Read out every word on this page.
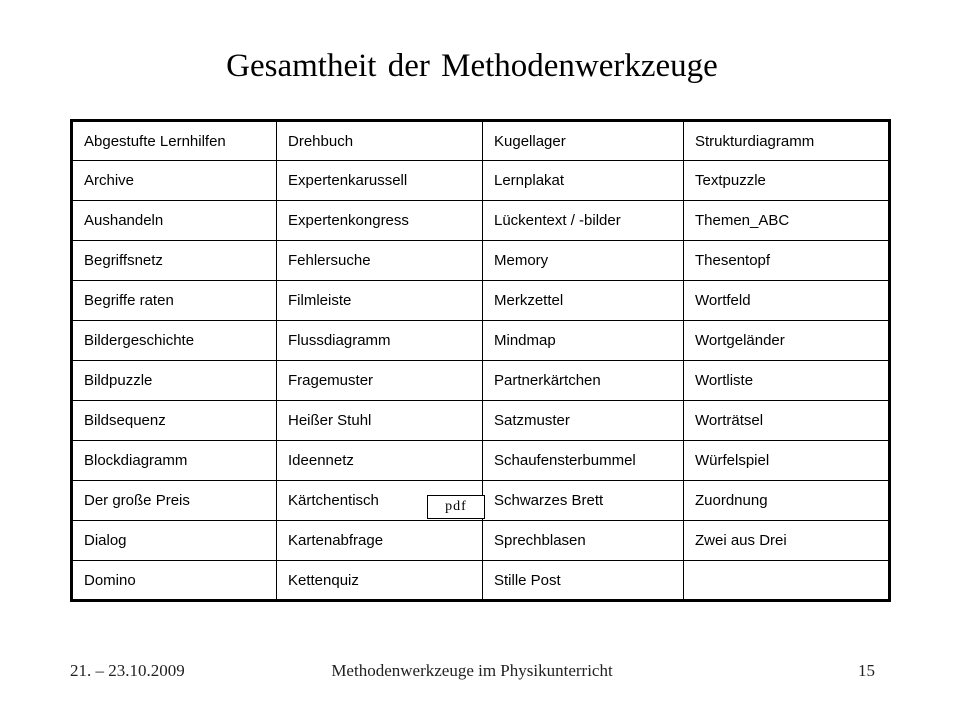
Gesamtheit der Methodenwerkzeuge
Abgestufte Lernhilfen	Drehbuch	Kugellager	Strukturdiagramm
Archive	Expertenkarussell	Lernplakat	Textpuzzle
Aushandeln	Expertenkongress	Lückentext / -bilder	Themen_ABC
Begriffsnetz	Fehlersuche	Memory	Thesentopf
Begriffe raten	Filmleiste	Merkzettel	Wortfeld
Bildergeschichte	Flussdiagramm	Mindmap	Wortgeländer
Bildpuzzle	Fragemuster	Partnerkärtchen	Wortliste
Bildsequenz	Heißer Stuhl	Satzmuster	Worträtsel
Blockdiagramm	Ideennetz	Schaufensterbummel	Würfelspiel
Der große Preis	Kärtchentisch	Schwarzes Brett	Zuordnung
Dialog	Kartenabfrage	Sprechblasen	Zwei aus Drei
Domino	Kettenquiz	Stille Post	
pdf
21. – 23.10.2009	Methodenwerkzeuge im Physikunterricht	15
